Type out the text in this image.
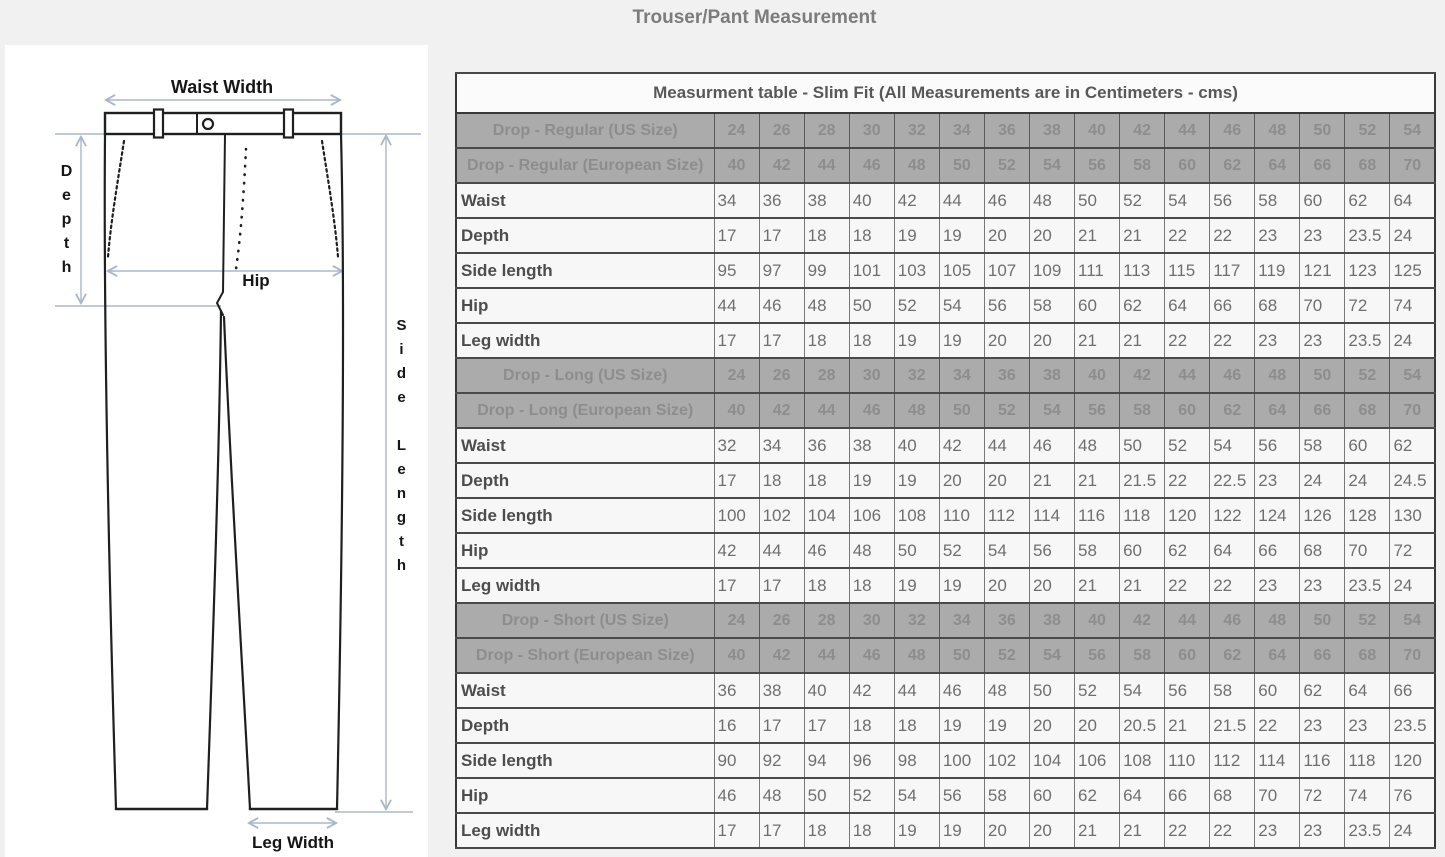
Trouser/Pant Measurement
Waist Width
Hip
Leg Width
Depth
Side Length
Measurment table - Slim Fit (All Measurements are in Centimeters - cms)																
Drop - Regular (US Size)	24	26	28	30	32	34	36	38	40	42	44	46	48	50	52	54
Drop - Regular (European Size)	40	42	44	46	48	50	52	54	56	58	60	62	64	66	68	70
Waist	34	36	38	40	42	44	46	48	50	52	54	56	58	60	62	64
Depth	17	17	18	18	19	19	20	20	21	21	22	22	23	23	23.5	24
Side length	95	97	99	101	103	105	107	109	111	113	115	117	119	121	123	125
Hip	44	46	48	50	52	54	56	58	60	62	64	66	68	70	72	74
Leg width	17	17	18	18	19	19	20	20	21	21	22	22	23	23	23.5	24
Drop - Long (US Size)	24	26	28	30	32	34	36	38	40	42	44	46	48	50	52	54
Drop - Long (European Size)	40	42	44	46	48	50	52	54	56	58	60	62	64	66	68	70
Waist	32	34	36	38	40	42	44	46	48	50	52	54	56	58	60	62
Depth	17	18	18	19	19	20	20	21	21	21.5	22	22.5	23	24	24	24.5
Side length	100	102	104	106	108	110	112	114	116	118	120	122	124	126	128	130
Hip	42	44	46	48	50	52	54	56	58	60	62	64	66	68	70	72
Leg width	17	17	18	18	19	19	20	20	21	21	22	22	23	23	23.5	24
Drop - Short (US Size)	24	26	28	30	32	34	36	38	40	42	44	46	48	50	52	54
Drop - Short (European Size)	40	42	44	46	48	50	52	54	56	58	60	62	64	66	68	70
Waist	36	38	40	42	44	46	48	50	52	54	56	58	60	62	64	66
Depth	16	17	17	18	18	19	19	20	20	20.5	21	21.5	22	23	23	23.5
Side length	90	92	94	96	98	100	102	104	106	108	110	112	114	116	118	120
Hip	46	48	50	52	54	56	58	60	62	64	66	68	70	72	74	76
Leg width	17	17	18	18	19	19	20	20	21	21	22	22	23	23	23.5	24
